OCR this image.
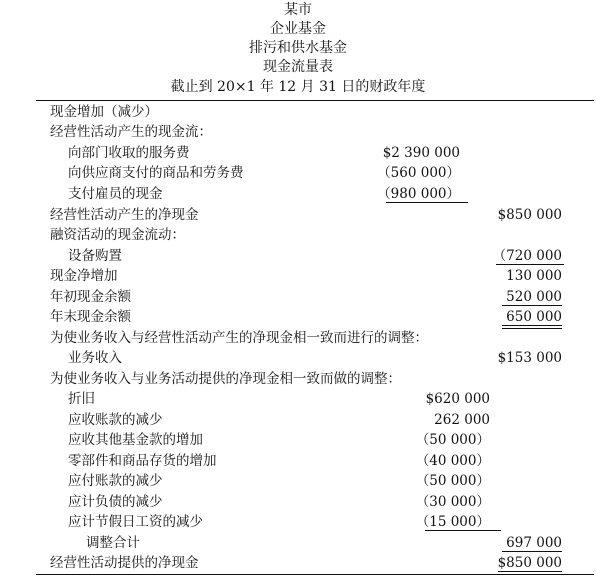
某市
企业基金
排污和供水基金
现金流量表
截止到 20×1 年 12 月 31 日的财政年度
现金增加（减少）
经营性活动产生的现金流：
向部门收取的服务费	$2 390 000
向供应商支付的商品和劳务费	（560 000）
支付雇员的现金	（980 000）
经营性活动产生的净现金	$850 000
融资活动的现金流动：
设备购置	（720 000
现金净增加	130 000
年初现金余额	520 000
年末现金余额	650 000
为使业务收入与经营性活动产生的净现金相一致而进行的调整：
业务收入	$153 000
为使业务收入与业务活动提供的净现金相一致而做的调整：
折旧	$620 000
应收账款的减少	262 000
应收其他基金款的增加	（50 000）
零部件和商品存货的增加	（40 000）
应付账款的减少	（50 000）
应计负债的减少	（30 000）
应计节假日工资的减少	（15 000）
调整合计	697 000
经营性活动提供的净现金	$850 000
